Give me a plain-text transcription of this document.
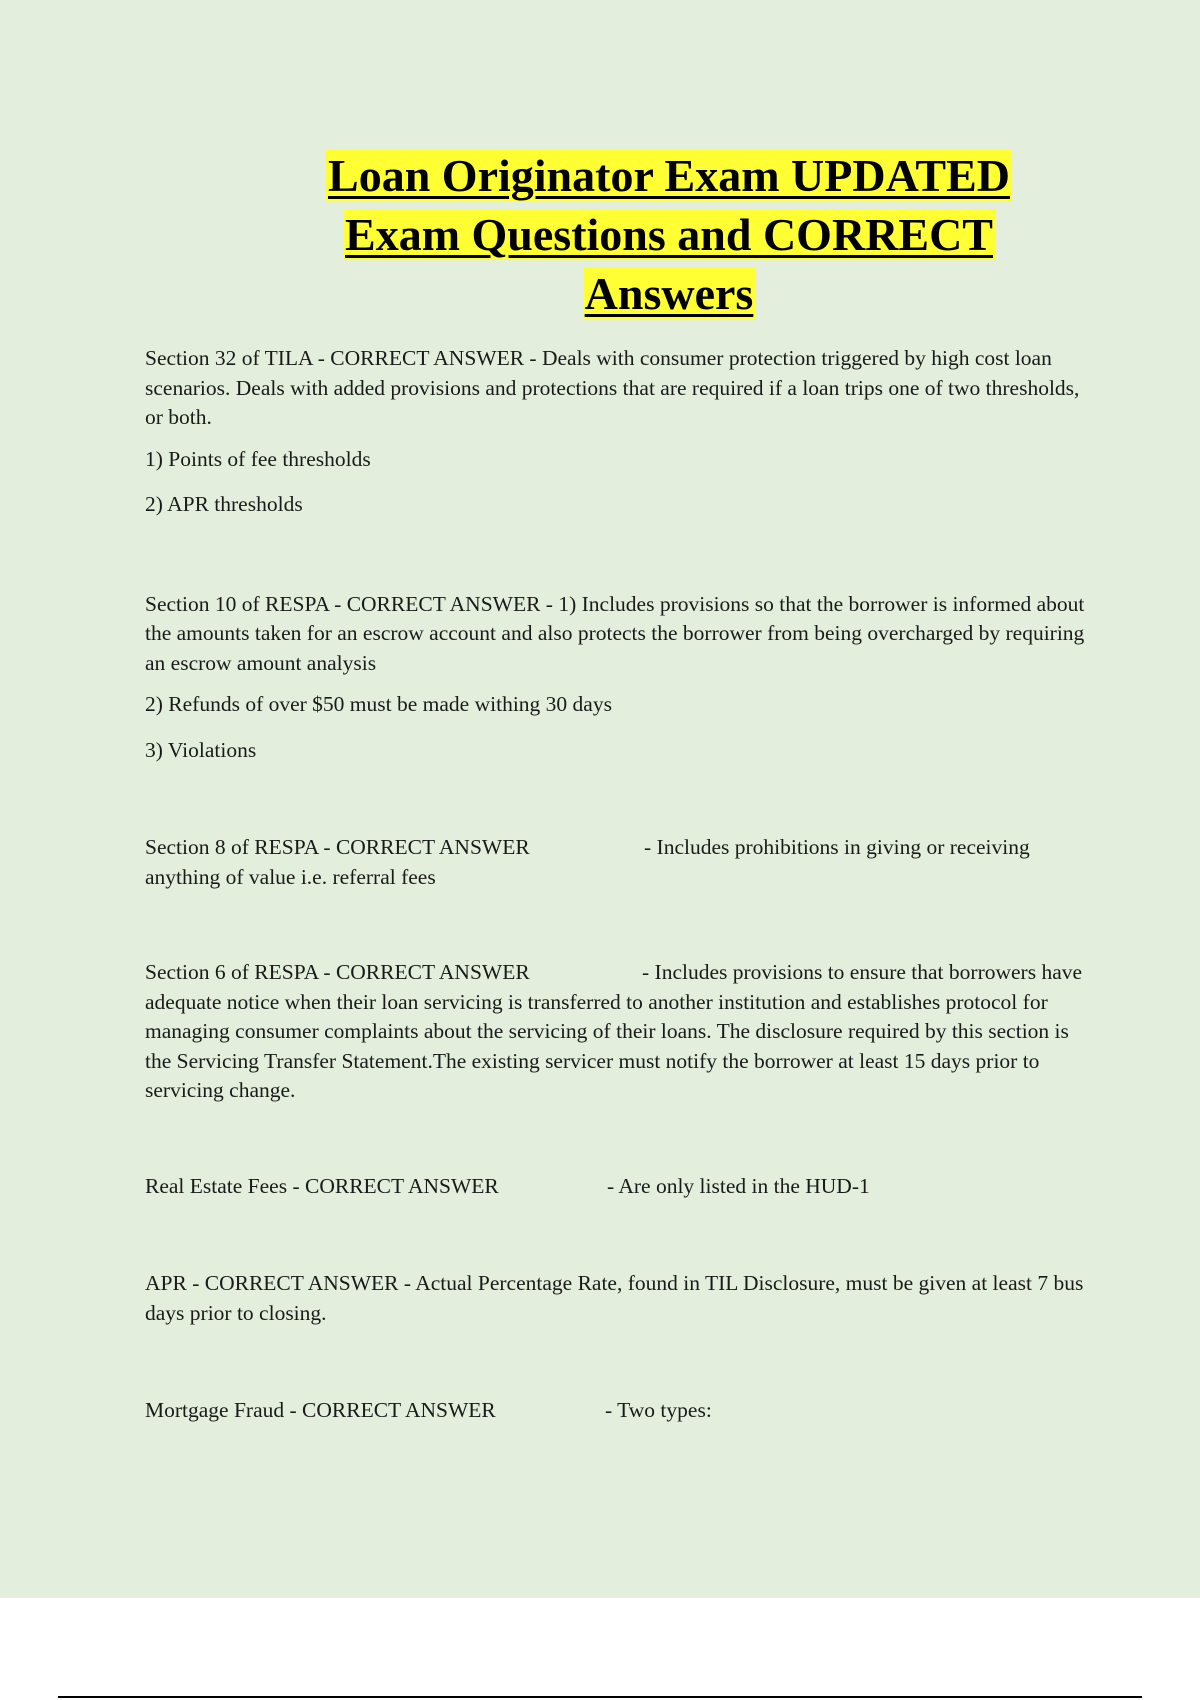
Loan Originator Exam UPDATED
Exam Questions and CORRECT
Answers

Section 32 of TILA - CORRECT ANSWER - Deals with consumer protection triggered by high cost loan scenarios. Deals with added provisions and protections that are required if a loan trips one of two thresholds, or both.

1) Points of fee thresholds

2) APR thresholds

Section 10 of RESPA - CORRECT ANSWER - 1) Includes provisions so that the borrower is informed about the amounts taken for an escrow account and also protects the borrower from being overcharged by requiring an escrow amount analysis

2) Refunds of over $50 must be made withing 30 days

3) Violations

Section 8 of RESPA - CORRECT ANSWER	- Includes prohibitions in giving or receiving anything of value i.e. referral fees

Section 6 of RESPA - CORRECT ANSWER	- Includes provisions to ensure that borrowers have adequate notice when their loan servicing is transferred to another institution and establishes protocol for managing consumer complaints about the servicing of their loans. The disclosure required by this section is the Servicing Transfer Statement.The existing servicer must notify the borrower at least 15 days prior to servicing change.

Real Estate Fees - CORRECT ANSWER	- Are only listed in the HUD-1

APR - CORRECT ANSWER - Actual Percentage Rate, found in TIL Disclosure, must be given at least 7 bus days prior to closing.

Mortgage Fraud - CORRECT ANSWER	- Two types:
